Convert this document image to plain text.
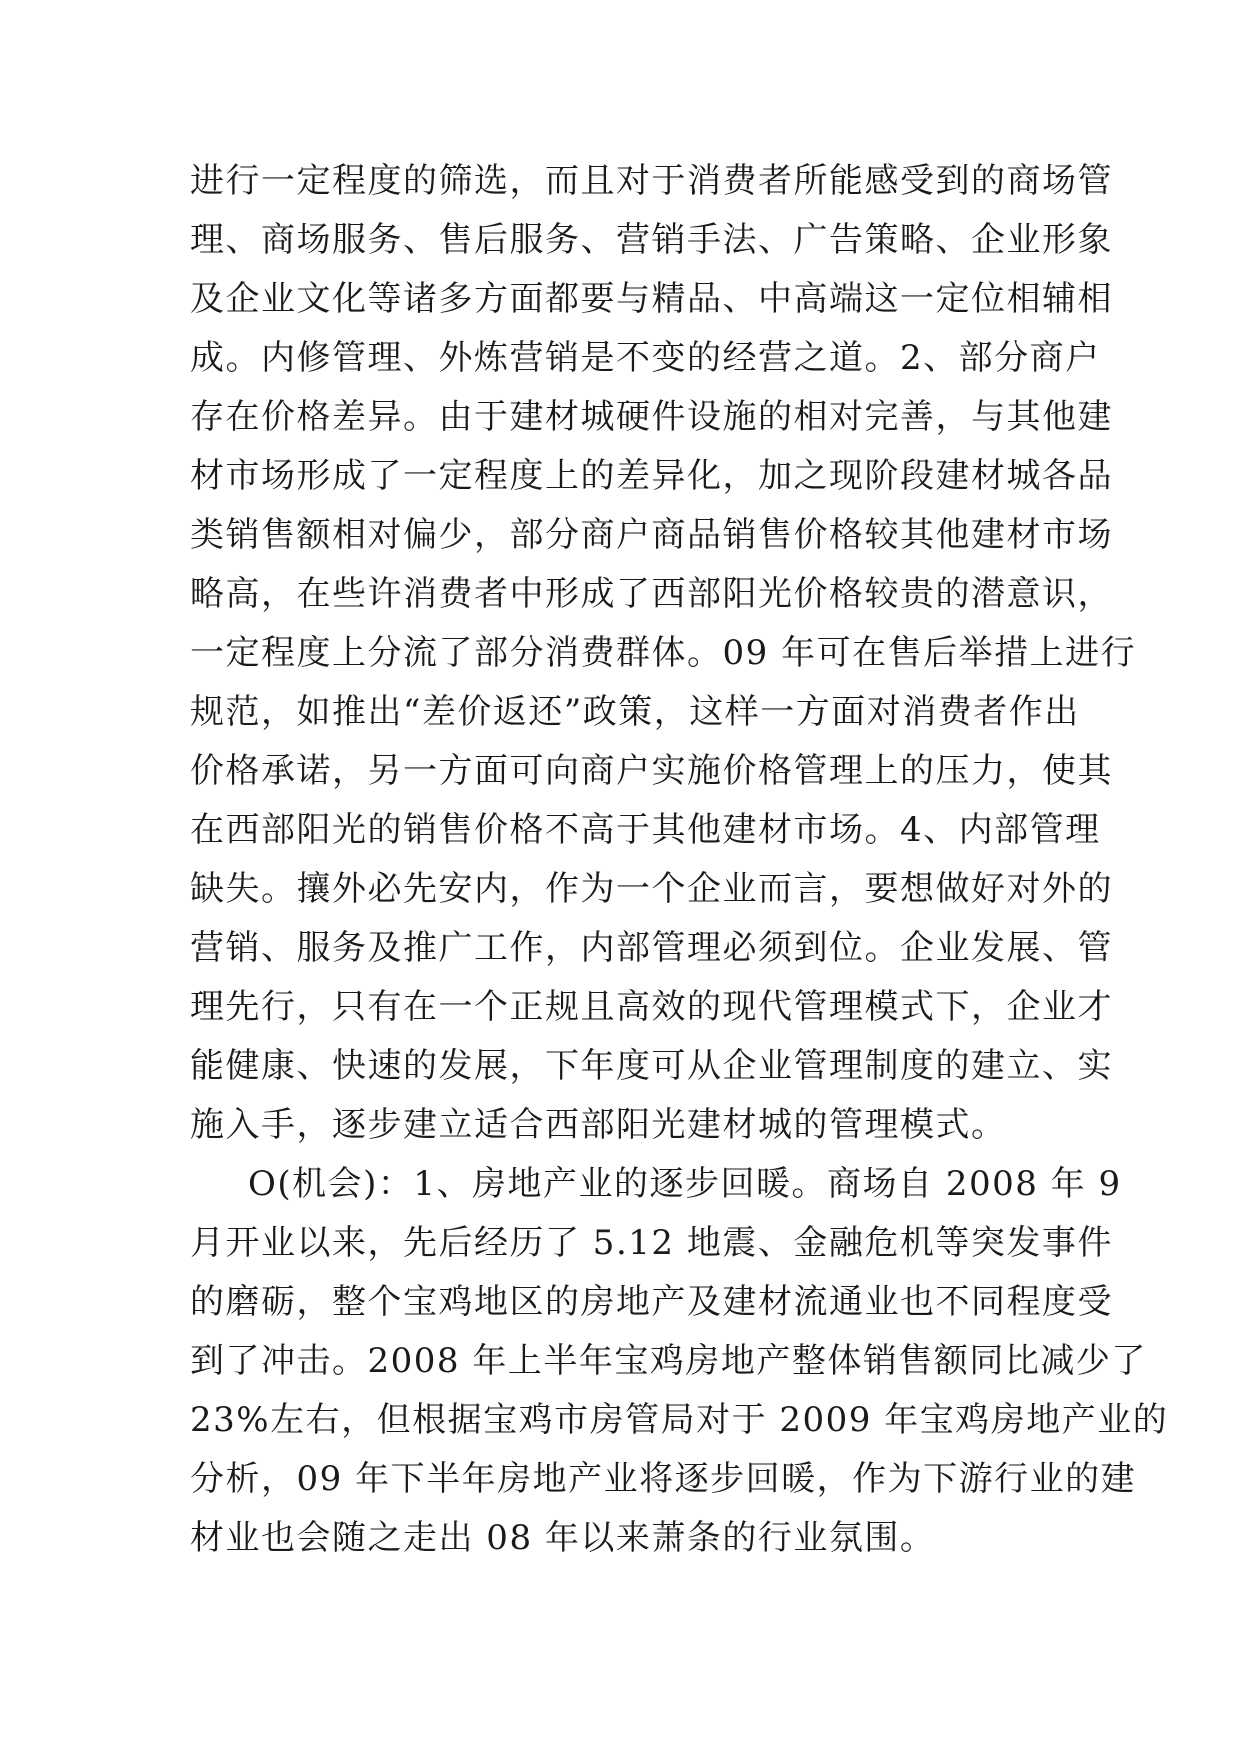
进行一定程度的筛选，而且对于消费者所能感受到的商场管
理、商场服务、售后服务、营销手法、广告策略、企业形象
及企业文化等诸多方面都要与精品、中高端这一定位相辅相
成。内修管理、外炼营销是不变的经营之道。2、部分商户
存在价格差异。由于建材城硬件设施的相对完善，与其他建
材市场形成了一定程度上的差异化，加之现阶段建材城各品
类销售额相对偏少，部分商户商品销售价格较其他建材市场
略高，在些许消费者中形成了西部阳光价格较贵的潜意识，
一定程度上分流了部分消费群体。09 年可在售后举措上进行
规范，如推出“差价返还”政策，这样一方面对消费者作出
价格承诺，另一方面可向商户实施价格管理上的压力，使其
在西部阳光的销售价格不高于其他建材市场。4、内部管理
缺失。攘外必先安内，作为一个企业而言，要想做好对外的
营销、服务及推广工作，内部管理必须到位。企业发展、管
理先行，只有在一个正规且高效的现代管理模式下，企业才
能健康、快速的发展，下年度可从企业管理制度的建立、实
施入手，逐步建立适合西部阳光建材城的管理模式。
O(机会)：1、房地产业的逐步回暖。商场自 2008 年 9
月开业以来，先后经历了 5.12 地震、金融危机等突发事件
的磨砺，整个宝鸡地区的房地产及建材流通业也不同程度受
到了冲击。2008 年上半年宝鸡房地产整体销售额同比减少了
23%左右，但根据宝鸡市房管局对于 2009 年宝鸡房地产业的
分析，09 年下半年房地产业将逐步回暖，作为下游行业的建
材业也会随之走出 08 年以来萧条的行业氛围。
